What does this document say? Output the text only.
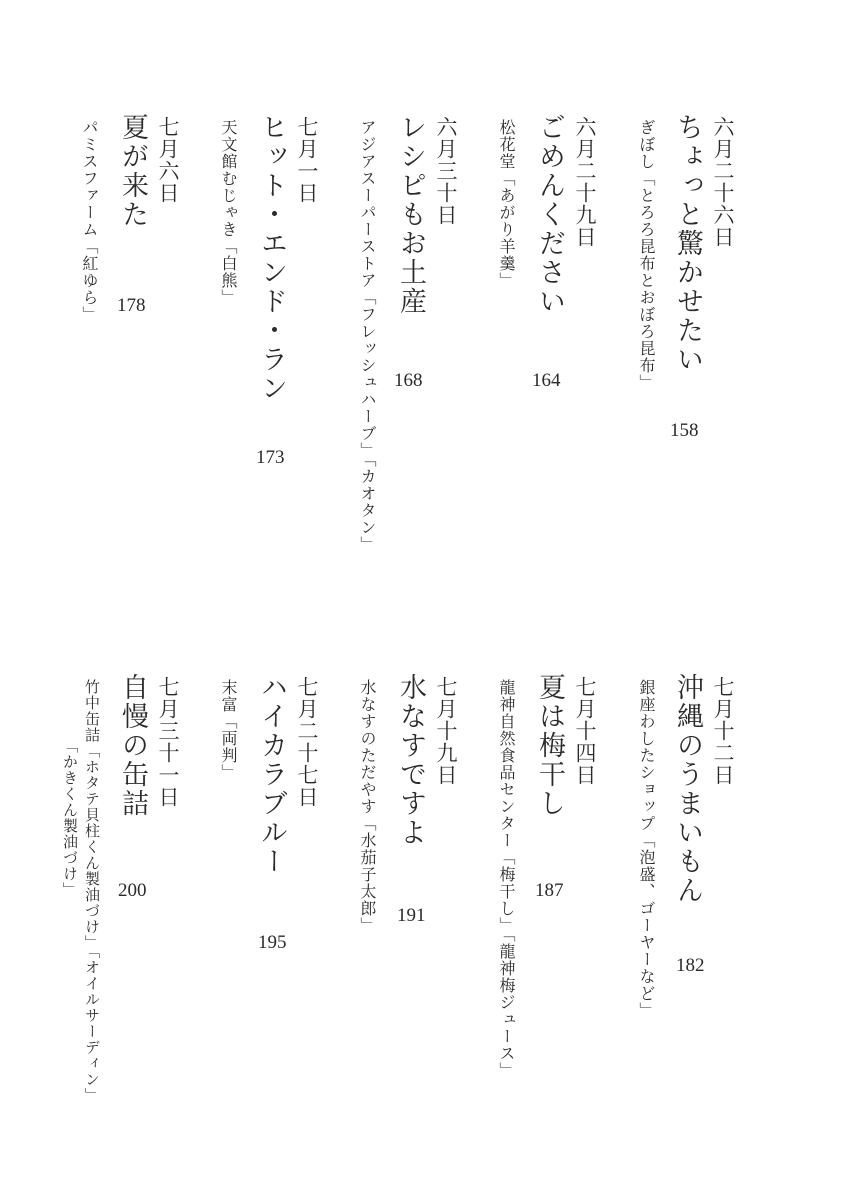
六月二十六日
ちょっと驚かせたい
ぎぼし「とろろ昆布とおぼろ昆布」
158
六月二十九日
ごめんください
松花堂「あがり羊羹」
164
六月三十日
レシピもお土産
アジアスーパーストア「フレッシュハーブ」「カオタン」 168
七月一日
ヒット・エンド・ラン
天文館むじゃき「白熊」
173
七月六日
夏が来た
パミスファーム「紅ゆら」 178
七月十二日
沖縄のうまいもん
銀座わしたショップ「泡盛、ゴーヤーなど」 182
七月十四日
夏は梅干し
龍神自然食品センター「梅干し」「龍神梅ジュース」 187
七月十九日
水なすですよ
水なすのただやす「水茄子太郎」 191
七月二十七日
ハイカラブルー
末富「両判」
195
七月三十一日
自慢の缶詰
竹中缶詰「ホタテ貝柱くん製油づけ」「オイルサーディン」
「かきくん製油づけ」 200
